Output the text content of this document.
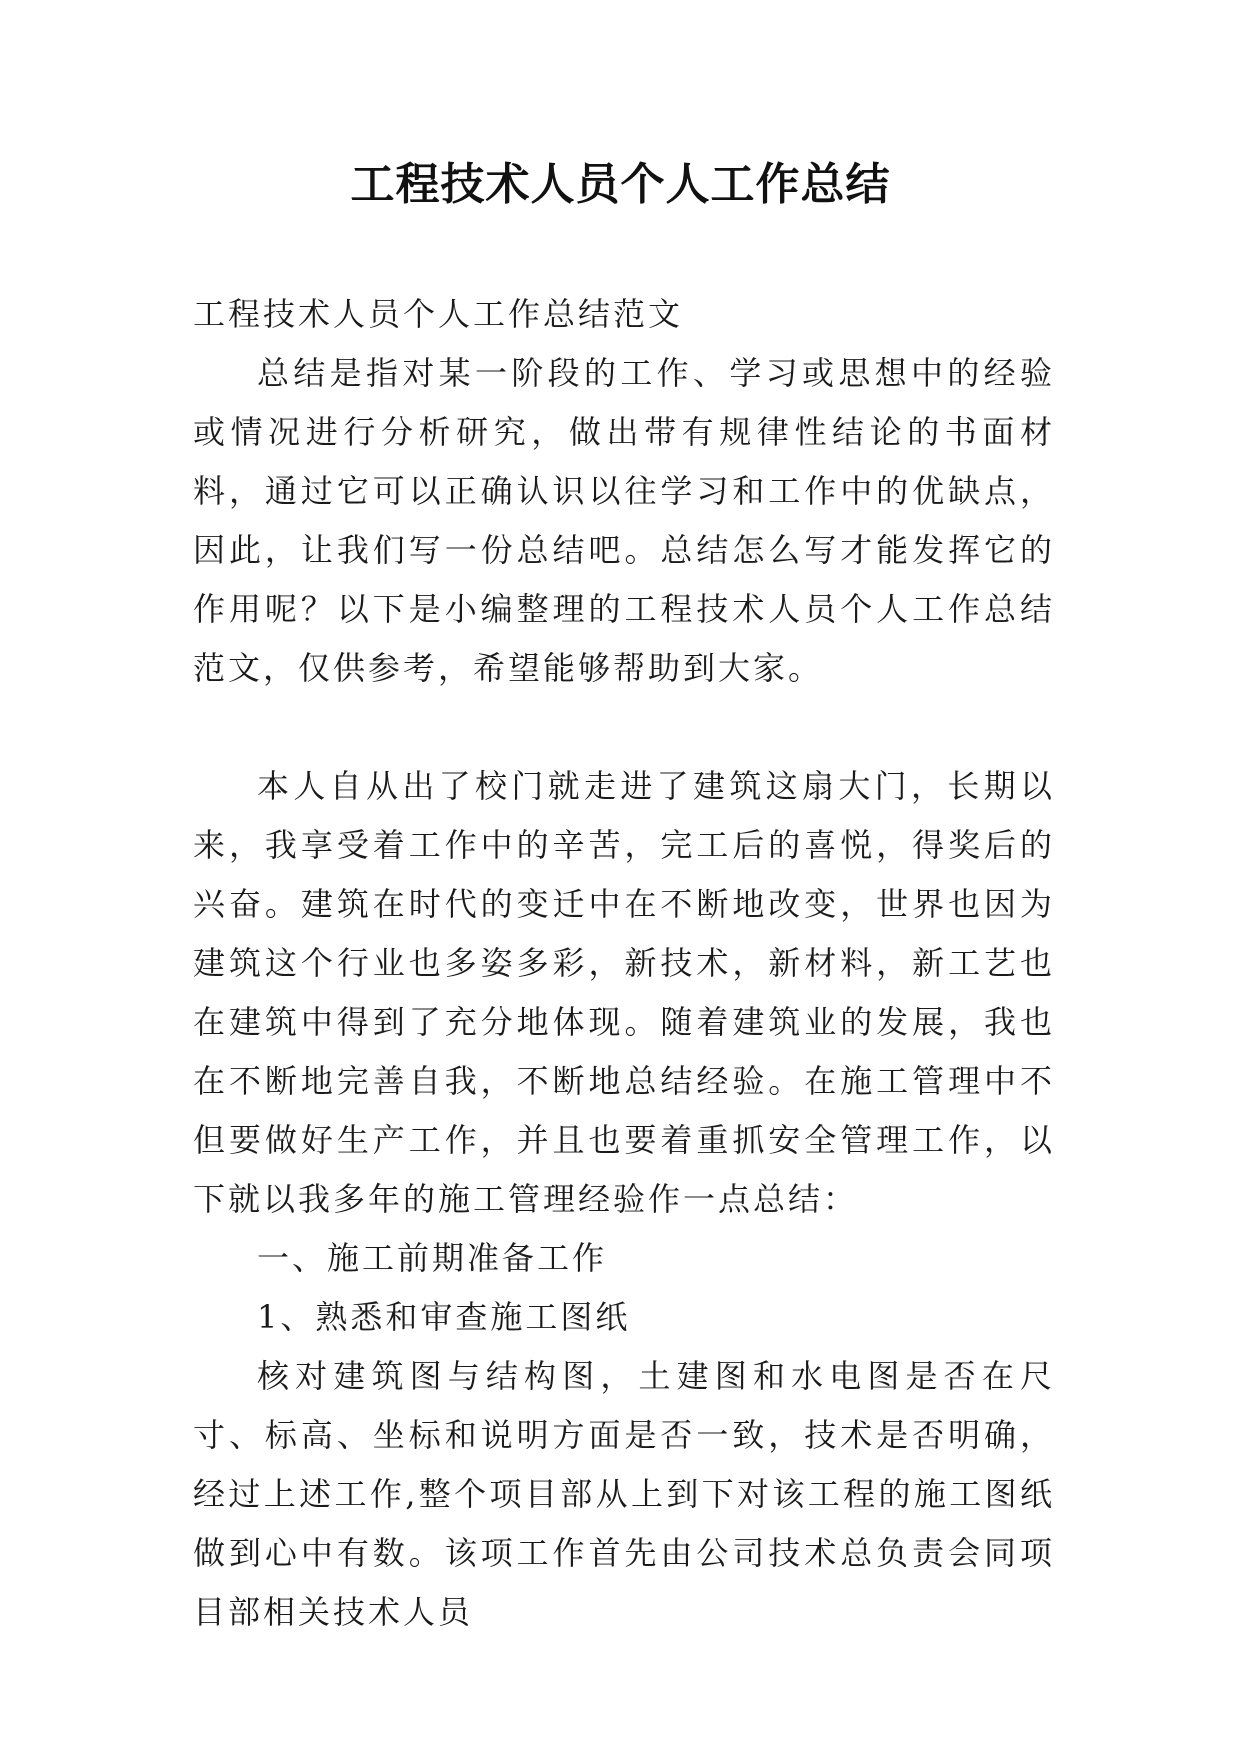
工程技术人员个人工作总结

工程技术人员个人工作总结范文

总结是指对某一阶段的工作、学习或思想中的经验或情况进行分析研究，做出带有规律性结论的书面材料，通过它可以正确认识以往学习和工作中的优缺点，因此，让我们写一份总结吧。总结怎么写才能发挥它的作用呢？以下是小编整理的工程技术人员个人工作总结范文，仅供参考，希望能够帮助到大家。

本人自从出了校门就走进了建筑这扇大门，长期以来，我享受着工作中的辛苦，完工后的喜悦，得奖后的兴奋。建筑在时代的变迁中在不断地改变，世界也因为建筑这个行业也多姿多彩，新技术，新材料，新工艺也在建筑中得到了充分地体现。随着建筑业的发展，我也在不断地完善自我，不断地总结经验。在施工管理中不但要做好生产工作，并且也要着重抓安全管理工作，以下就以我多年的施工管理经验作一点总结：

一、施工前期准备工作

1、熟悉和审查施工图纸

核对建筑图与结构图，土建图和水电图是否在尺寸、标高、坐标和说明方面是否一致，技术是否明确，经过上述工作,整个项目部从上到下对该工程的施工图纸做到心中有数。该项工作首先由公司技术总负责会同项目部相关技术人员
